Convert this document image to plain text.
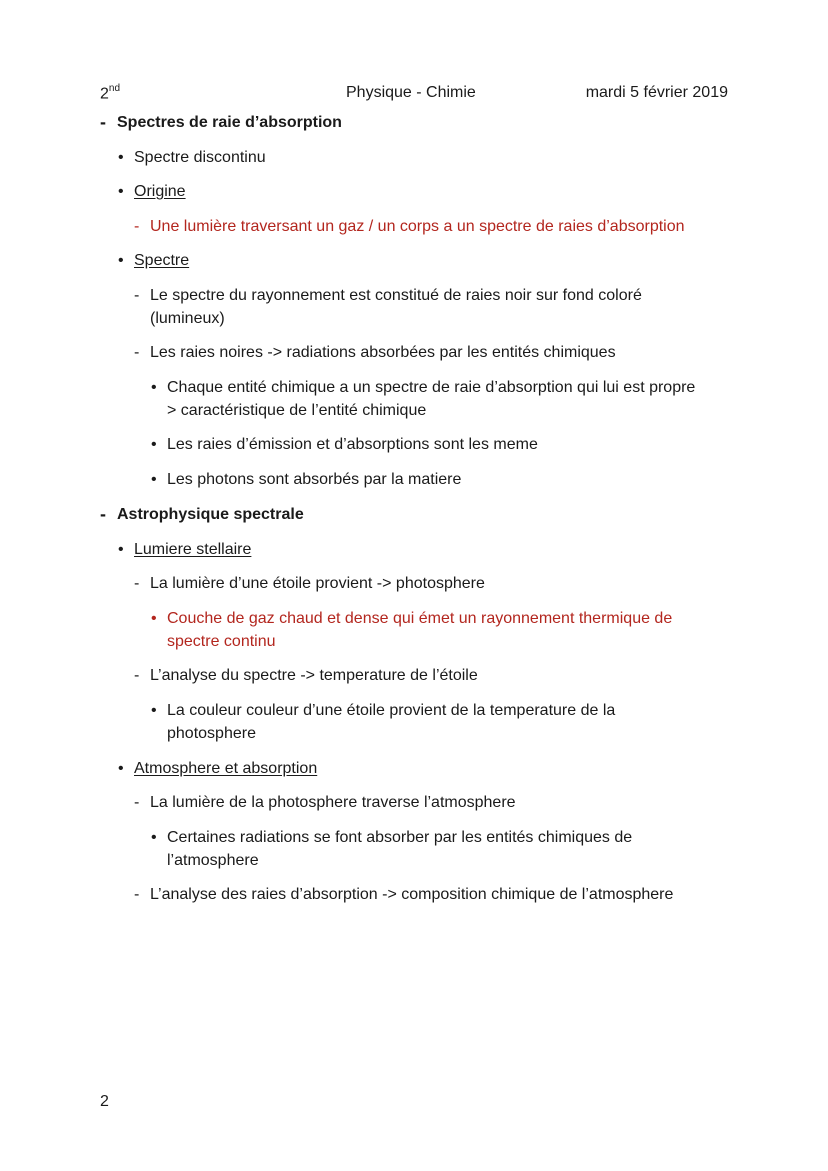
2nd	Physique - Chimie	mardi 5 février 2019
- Spectres de raie d’absorption
• Spectre discontinu
• Origine
- Une lumière traversant un gaz / un corps a un spectre de raies d’absorption
• Spectre
- Le spectre du rayonnement est constitué de raies noir sur fond coloré
(lumineux)
- Les raies noires -> radiations absorbées par les entités chimiques
• Chaque entité chimique a un spectre de raie d’absorption qui lui est propre
> caractéristique de l’entité chimique
• Les raies d’émission et d’absorptions sont les meme
• Les photons sont absorbés par la matiere
- Astrophysique spectrale
• Lumiere stellaire
- La lumière d’une étoile provient -> photosphere
• Couche de gaz chaud et dense qui émet un rayonnement thermique de
spectre continu
- L’analyse du spectre -> temperature de l’étoile
• La couleur couleur d’une étoile provient de la temperature de la
photosphere
• Atmosphere et absorption
- La lumière de la photosphere traverse l’atmosphere
• Certaines radiations se font absorber par les entités chimiques de
l’atmosphere
- L’analyse des raies d’absorption -> composition chimique de l’atmosphere
2
